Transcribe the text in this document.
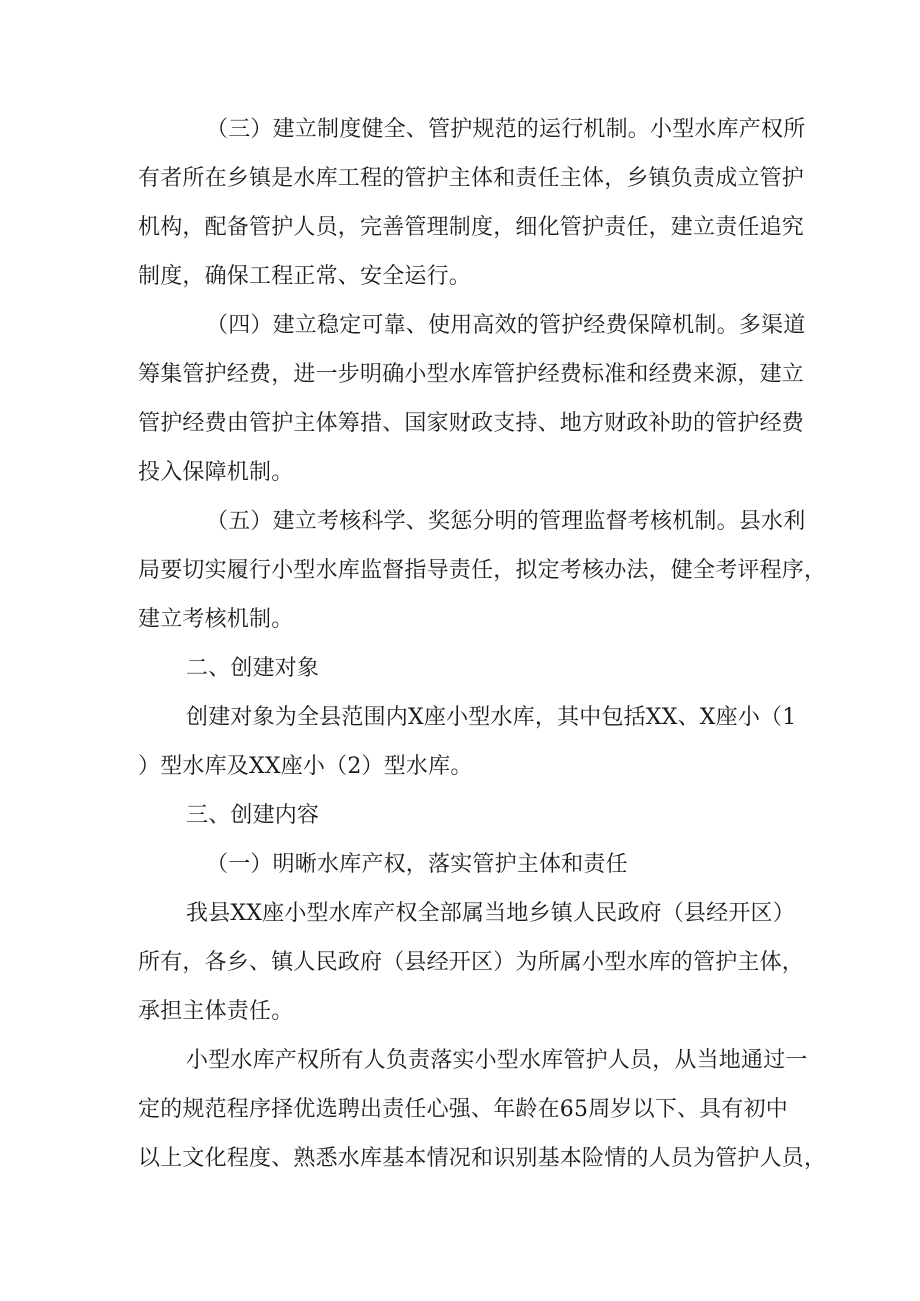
（三）建立制度健全、管护规范的运行机制。小型水库产权所
有者所在乡镇是水库工程的管护主体和责任主体，乡镇负责成立管护
机构，配备管护人员，完善管理制度，细化管护责任，建立责任追究
制度，确保工程正常、安全运行。
（四）建立稳定可靠、使用高效的管护经费保障机制。多渠道
筹集管护经费，进一步明确小型水库管护经费标准和经费来源，建立
管护经费由管护主体筹措、国家财政支持、地方财政补助的管护经费
投入保障机制。
（五）建立考核科学、奖惩分明的管理监督考核机制。县水利
局要切实履行小型水库监督指导责任，拟定考核办法，健全考评程序，
建立考核机制。
二、创建对象
创建对象为全县范围内X座小型水库，其中包括XX、X座小（1
）型水库及XX座小（2）型水库。
三、创建内容
（一）明晰水库产权，落实管护主体和责任
我县XX座小型水库产权全部属当地乡镇人民政府（县经开区）
所有，各乡、镇人民政府（县经开区）为所属小型水库的管护主体，
承担主体责任。
小型水库产权所有人负责落实小型水库管护人员，从当地通过一
定的规范程序择优选聘出责任心强、年龄在65周岁以下、具有初中
以上文化程度、熟悉水库基本情况和识别基本险情的人员为管护人员，
